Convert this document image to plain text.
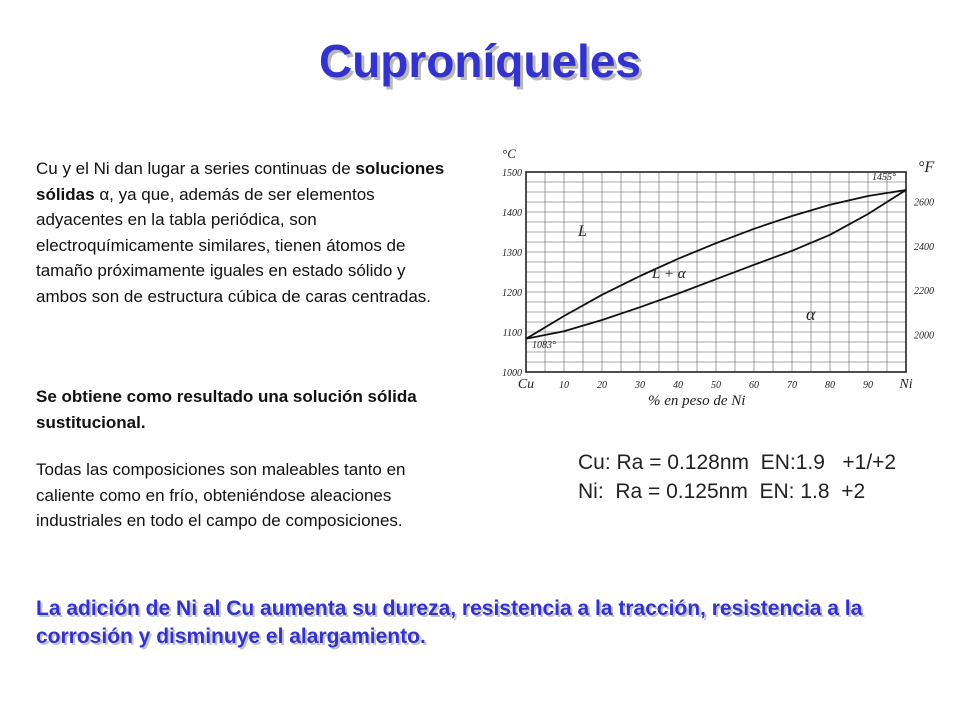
Cuproníqueles
Cu y el Ni dan lugar a series continuas de soluciones sólidas α, ya que, además de ser elementos adyacentes en la tabla periódica, son electroquímicamente similares, tienen átomos de tamaño próximamente iguales en estado sólido y ambos son de estructura cúbica de caras centradas.
Se obtiene como resultado una solución sólida sustitucional.
Todas las composiciones son maleables tanto en caliente como en frío, obteniéndose aleaciones industriales en todo el campo de composiciones.
Cu 10	20	30	40	50	60	70	80	90 Ni
1000
1100
1200
1300
1400
1500
2000
2200
2400
2600
°C
°F
% en peso de Ni
L
L + α
α
1083°
1455°
Cu: Ra = 0.128nm  EN:1.9   +1/+2
Ni:  Ra = 0.125nm  EN: 1.8  +2
La adición de Ni al Cu aumenta su dureza, resistencia a la tracción, resistencia a la corrosión y disminuye el alargamiento.
